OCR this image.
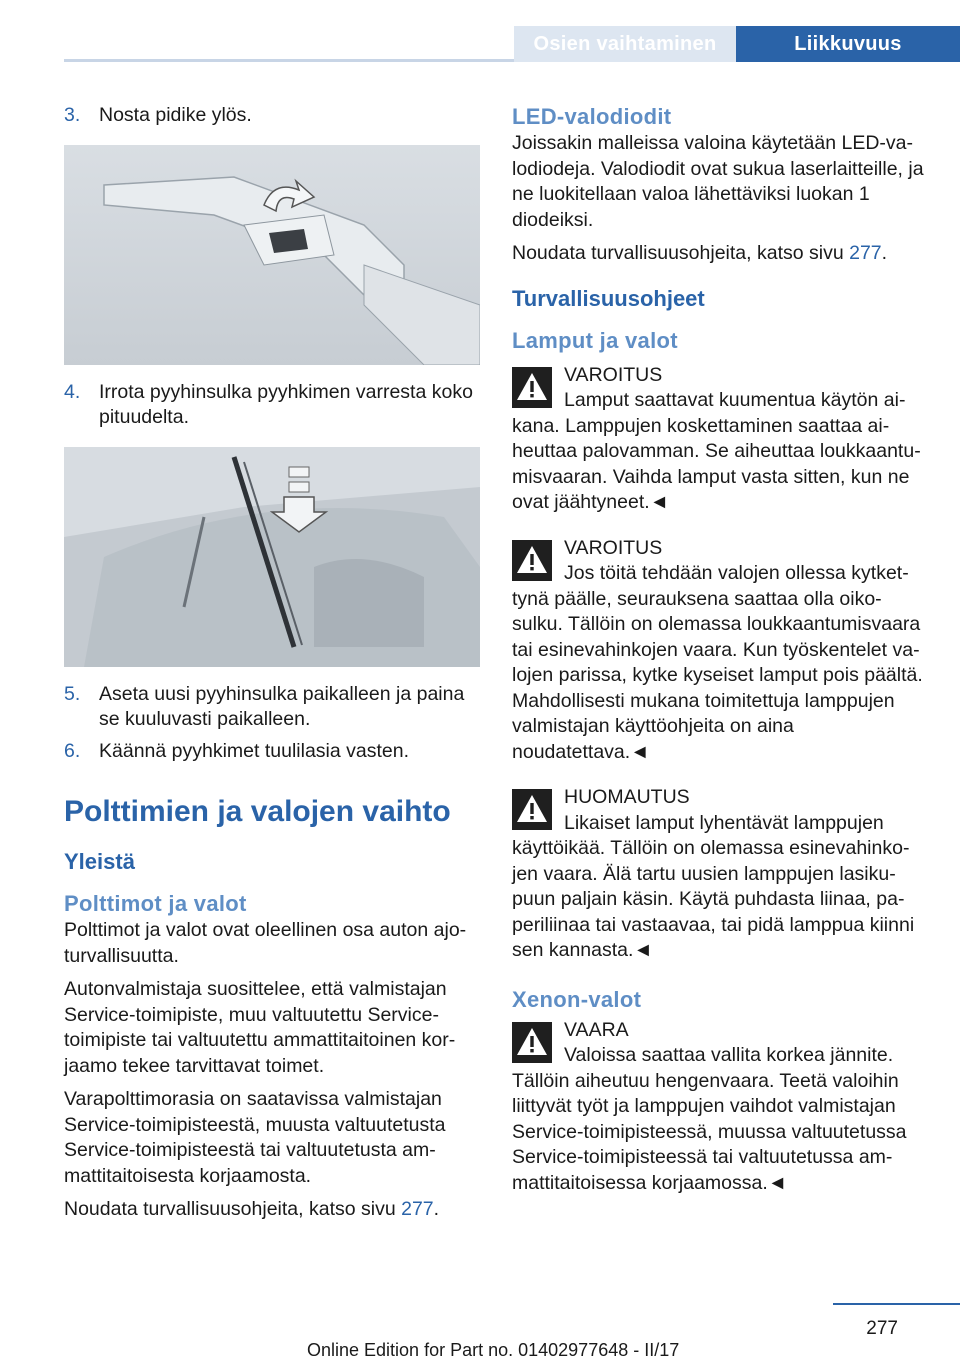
Osien vaihtaminen	Liikkuvuus
3. Nosta pidike ylös.
4. Irrota pyyhinsulka pyyhkimen varresta koko pituudelta.
5. Aseta uusi pyyhinsulka paikalleen ja paina se kuuluvasti paikalleen.
6. Käännä pyyhkimet tuulilasia vasten.
Polttimien ja valojen vaihto
Yleistä
Polttimot ja valot

Polttimot ja valot ovat oleellinen osa auton ajo-turvallisuutta.

Autonvalmistaja suosittelee, että valmistajan Service-toimipiste, muu valtuutettu Service-toimipiste tai valtuutettu ammattitaitoinen kor-jaamo tekee tarvittavat toimet.

Varapolttimorasia on saatavissa valmistajan Service-toimipisteestä, muusta valtuutetusta Service-toimipisteestä tai valtuutetusta am-mattitaitoisesta korjaamosta.

Noudata turvallisuusohjeita, katso sivu 277.

LED-valodiodit

Joissakin malleissa valoina käytetään LED-va-lodiodeja. Valodiodit ovat sukua laserlaitteille, ja ne luokitellaan valoa lähettäviksi luokan 1 diodeiksi.

Noudata turvallisuusohjeita, katso sivu 277.

Turvallisuusohjeet
Lamput ja valot
VAROITUS
Lamput saattavat kuumentua käytön ai-
kana. Lamppujen koskettaminen saattaa ai-heuttaa palovamman. Se aiheuttaa loukkaantu-misvaaran. Vaihda lamput vasta sitten, kun ne ovat jäähtyneet.◄
VAROITUS
Jos töitä tehdään valojen ollessa kytket-
tynä päälle, seurauksena saattaa olla oiko-sulku. Tällöin on olemassa loukkaantumisvaara tai esinevahinkojen vaara. Kun työskentelet va-lojen parissa, kytke kyseiset lamput pois päältä. Mahdollisesti mukana toimitettuja lamppujen valmistajan käyttöohjeita on aina noudatettava.◄
HUOMAUTUS
Likaiset lamput lyhentävät lamppujen
käyttöikää. Tällöin on olemassa esinevahinko-jen vaara. Älä tartu uusien lamppujen lasiku-puun paljain käsin. Käytä puhdasta liinaa, pa-periliinaa tai vastaavaa, tai pidä lamppua kiinni sen kannasta.◄
Xenon-valot
VAARA
Valoissa saattaa vallita korkea jännite.
Tällöin aiheutuu hengenvaara. Teetä valoihin liittyvät työt ja lamppujen vaihdot valmistajan Service-toimipisteessä, muussa valtuutetussa Service-toimipisteessä tai valtuutetussa am-mattitaitoisessa korjaamossa.◄
277
Online Edition for Part no. 01402977648 - II/17
